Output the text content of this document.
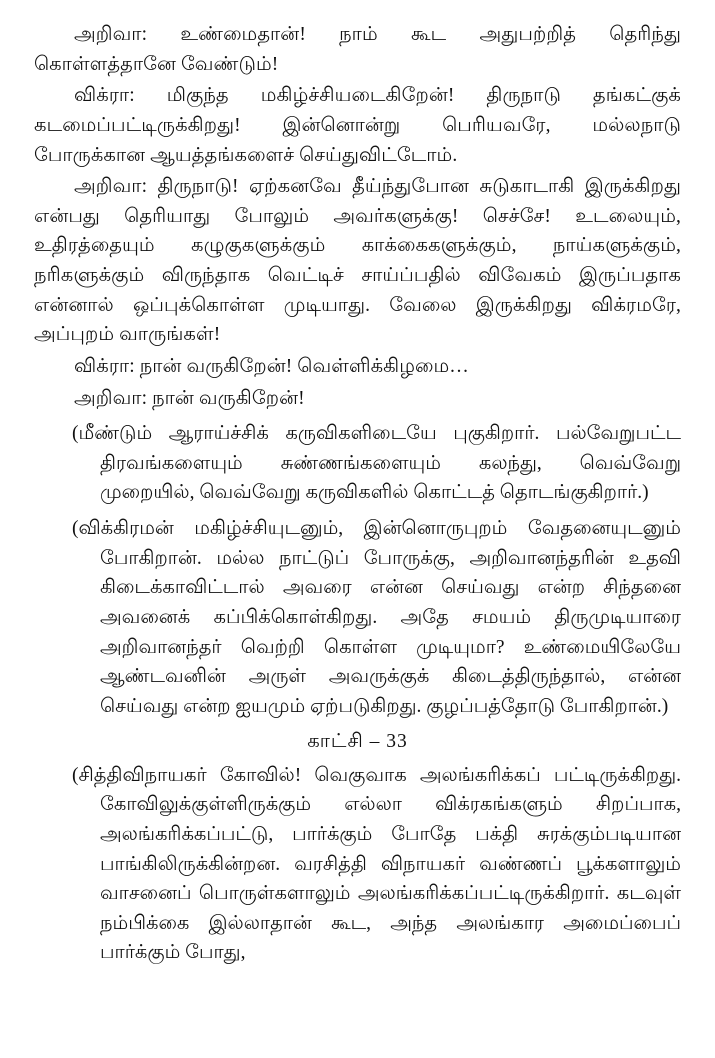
அறிவா: உண்மைதான்! நாம் கூட அதுபற்றித் தெரிந்து கொள்ளத்தானே வேண்டும்!

விக்ரா: மிகுந்த மகிழ்ச்சியடைகிறேன்! திருநாடு தங்கட்குக் கடமைப்பட்டிருக்கிறது! இன்னொன்று பெரியவரே, மல்லநாடு போருக்கான ஆயத்தங்களைச் செய்துவிட்டோம்.

அறிவா: திருநாடு! ஏற்கனவே தீய்ந்துபோன சுடுகாடாகி இருக்கிறது என்பது தெரியாது போலும் அவர்களுக்கு! செச்சே! உடலையும், உதிரத்தையும் கழுகுகளுக்கும் காக்கைகளுக்கும், நாய்களுக்கும், நரிகளுக்கும் விருந்தாக வெட்டிச் சாய்ப்பதில் விவேகம் இருப்பதாக என்னால் ஒப்புக்கொள்ள முடியாது. வேலை இருக்கிறது விக்ரமரே, அப்புறம் வாருங்கள்!

விக்ரா: நான் வருகிறேன்! வெள்ளிக்கிழமை…

அறிவா: நான் வருகிறேன்!

(மீண்டும் ஆராய்ச்சிக் கருவிகளிடையே புகுகிறார். பல்வேறுபட்ட திரவங்களையும் சுண்ணங்களையும் கலந்து, வெவ்வேறு முறையில், வெவ்வேறு கருவிகளில் கொட்டத் தொடங்குகிறார்.)

(விக்கிரமன் மகிழ்ச்சியுடனும், இன்னொருபுறம் வேதனையுடனும் போகிறான். மல்ல நாட்டுப் போருக்கு, அறிவானந்தரின் உதவி கிடைக்காவிட்டால் அவரை என்ன செய்வது என்ற சிந்தனை அவனைக் கப்பிக்கொள்கிறது. அதே சமயம் திருமுடியாரை அறிவானந்தர் வெற்றி கொள்ள முடியுமா? உண்மையிலேயே ஆண்டவனின் அருள் அவருக்குக் கிடைத்திருந்தால், என்ன செய்வது என்ற ஐயமும் ஏற்படுகிறது. குழப்பத்தோடு போகிறான்.)

காட்சி – 33

(சித்திவிநாயகர் கோவில்! வெகுவாக அலங்கரிக்கப் பட்டிருக்கிறது. கோவிலுக்குள்ளிருக்கும் எல்லா விக்ரகங்களும் சிறப்பாக, அலங்கரிக்கப்பட்டு, பார்க்கும் போதே பக்தி சுரக்கும்படியான பாங்கிலிருக்கின்றன. வரசித்தி விநாயகர் வண்ணப் பூக்களாலும் வாசனைப் பொருள்களாலும் அலங்கரிக்கப்பட்டிருக்கிறார். கடவுள் நம்பிக்கை இல்லாதான் கூட, அந்த அலங்கார அமைப்பைப் பார்க்கும் போது,
